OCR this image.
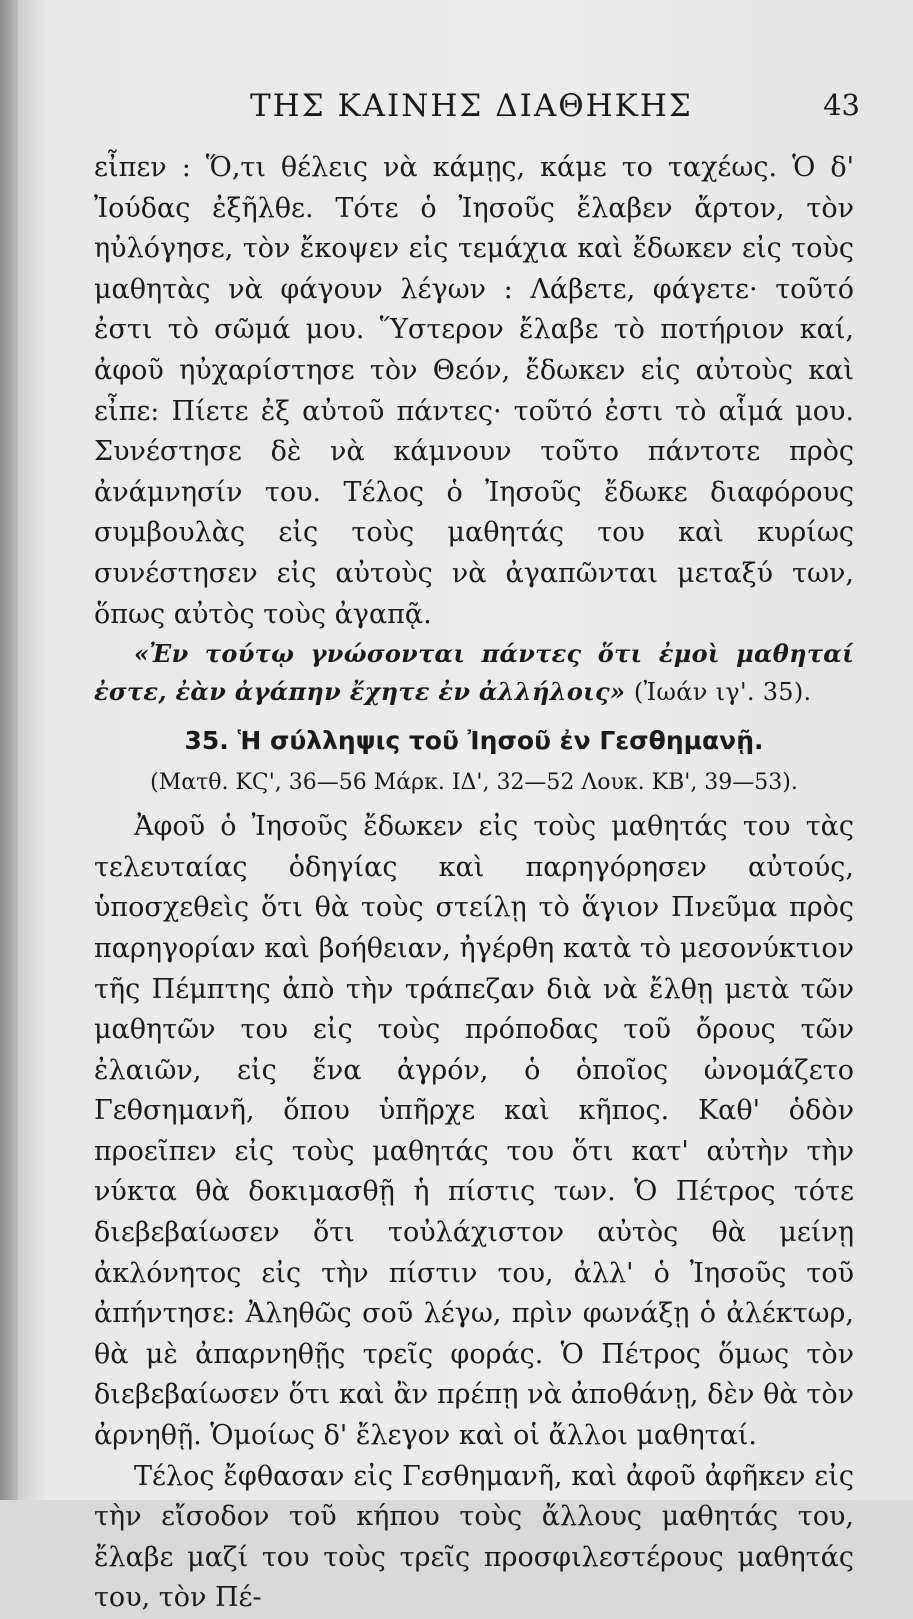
ΤΗΣ ΚΑΙΝΗΣ ΔΙΑΘΗΚΗΣ	43

εἶπεν : Ὅ,τι θέλεις νὰ κάμῃς, κάμε το ταχέως. Ὁ δ' Ἰούδας ἐξῆλθε. Τότε ὁ Ἰησοῦς ἔλαβεν ἄρτον, τὸν ηὐλόγησε, τὸν ἔκοψεν εἰς τεμάχια καὶ ἔδωκεν εἰς τοὺς μαθητὰς νὰ φάγουν λέγων : Λάβετε, φάγετε· τοῦτό ἐστι τὸ σῶμά μου. Ὕστερον ἔλαβε τὸ ποτήριον καί, ἀφοῦ ηὐχαρίστησε τὸν Θεόν, ἔδωκεν εἰς αὐτοὺς καὶ εἶπε: Πίετε ἐξ αὐτοῦ πάντες· τοῦτό ἐστι τὸ αἷμά μου. Συνέστησε δὲ νὰ κάμνουν τοῦτο πάντοτε πρὸς ἀνάμνησίν του. Τέλος ὁ Ἰησοῦς ἔδωκε διαφόρους συμβουλὰς εἰς τοὺς μαθητάς του καὶ κυρίως συνέστησεν εἰς αὐτοὺς νὰ ἀγαπῶνται μεταξύ των, ὅπως αὐτὸς τοὺς ἀγαπᾷ.

«Ἐν τούτῳ γνώσονται πάντες ὅτι ἐμοὶ μαθηταί ἐστε, ἐὰν ἀγάπην ἔχητε ἐν ἀλλήλοις» (Ἰωάν ιγ'. 35).

35. Ἡ σύλληψις τοῦ Ἰησοῦ ἐν Γεσθημανῇ.
(Ματθ. ΚϚ', 36—56 Μάρκ. ΙΔ', 32—52 Λουκ. ΚΒ', 39—53).

Ἀφοῦ ὁ Ἰησοῦς ἔδωκεν εἰς τοὺς μαθητάς του τὰς τελευταίας ὁδηγίας καὶ παρηγόρησεν αὐτούς, ὑποσχεθεὶς ὅτι θὰ τοὺς στείλῃ τὸ ἅγιον Πνεῦμα πρὸς παρηγορίαν καὶ βοήθειαν, ἠγέρθη κατὰ τὸ μεσονύκτιον τῆς Πέμπτης ἀπὸ τὴν τράπεζαν διὰ νὰ ἔλθῃ μετὰ τῶν μαθητῶν του εἰς τοὺς πρόποδας τοῦ ὄρους τῶν ἐλαιῶν, εἰς ἕνα ἀγρόν, ὁ ὁποῖος ὠνομάζετο Γεθσημανῆ, ὅπου ὑπῆρχε καὶ κῆπος. Καθ' ὁδὸν προεῖπεν εἰς τοὺς μαθητάς του ὅτι κατ' αὐτὴν τὴν νύκτα θὰ δοκιμασθῇ ἡ πίστις των. Ὁ Πέτρος τότε διεβεβαίωσεν ὅτι τοὐλάχιστον αὐτὸς θὰ μείνῃ ἀκλόνητος εἰς τὴν πίστιν του, ἀλλ' ὁ Ἰησοῦς τοῦ ἀπήντησε: Ἀληθῶς σοῦ λέγω, πρὶν φωνάξῃ ὁ ἀλέκτωρ, θὰ μὲ ἀπαρνηθῇς τρεῖς φοράς. Ὁ Πέτρος ὅμως τὸν διεβεβαίωσεν ὅτι καὶ ἂν πρέπῃ νὰ ἀποθάνῃ, δὲν θὰ τὸν ἀρνηθῇ. Ὁμοίως δ' ἔλεγον καὶ οἱ ἄλλοι μαθηταί.

Τέλος ἔφθασαν εἰς Γεσθημανῆ, καὶ ἀφοῦ ἀφῆκεν εἰς τὴν εἴσοδον τοῦ κήπου τοὺς ἄλλους μαθητάς του, ἔλαβε μαζί του τοὺς τρεῖς προσφιλεστέρους μαθητάς του, τὸν Πέ-
